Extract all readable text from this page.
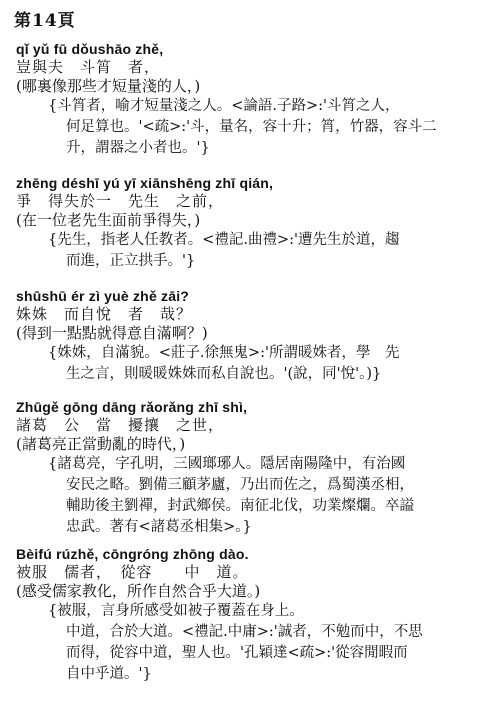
第14頁
qǐ yǔ fū dǒushāo zhě,
豈與夫　斗筲　者，
(哪裏像那些才短量淺的人，)
{斗筲者，喻才短量淺之人。<論語.子路>:'斗筲之人，
何足算也。'<疏>:'斗，量名，容十升；筲，竹器，容斗二
升，謂器之小者也。'}
zhēng déshī yú yī xiānshēng zhī qián,
爭　得失於一　先生　之前，
(在一位老先生面前爭得失，)
{先生，指老人任教者。<禮記.曲禮>:'遭先生於道，趨
而進，正立拱手。'}
shūshū ér zì yuè zhě zāi?
姝姝　而自悅　者　哉？
(得到一點點就得意自滿啊？)
{姝姝，自滿貌。<莊子.徐無鬼>:'所謂暖姝者，學　先
生之言，則暖暖姝姝而私自說也。'(說，同'悅'。)}
Zhūgě gōng dāng rǎorǎng zhī shì,
諸葛　公　當　擾攘　之世，
(諸葛亮正當動亂的時代，)
{諸葛亮，字孔明，三國瑯琊人。隱居南陽隆中，有治國
安民之略。劉備三顧茅廬，乃出而佐之，爲蜀漢丞相，
輔助後主劉禪，封武鄉侯。南征北伐，功業燦爛。卒謚
忠武。著有<諸葛丞相集>。}
Bèifú rúzhě, cōngróng zhōng dào.
被服　儒者，　從容　　中　道。
(感受儒家教化，所作自然合乎大道。)
{被服，言身所感受如被子覆蓋在身上。
中道，合於大道。<禮記.中庸>:'誠者，不勉而中，不思
而得，從容中道，聖人也。'孔穎達<疏>:'從容閒暇而
自中乎道。'}
